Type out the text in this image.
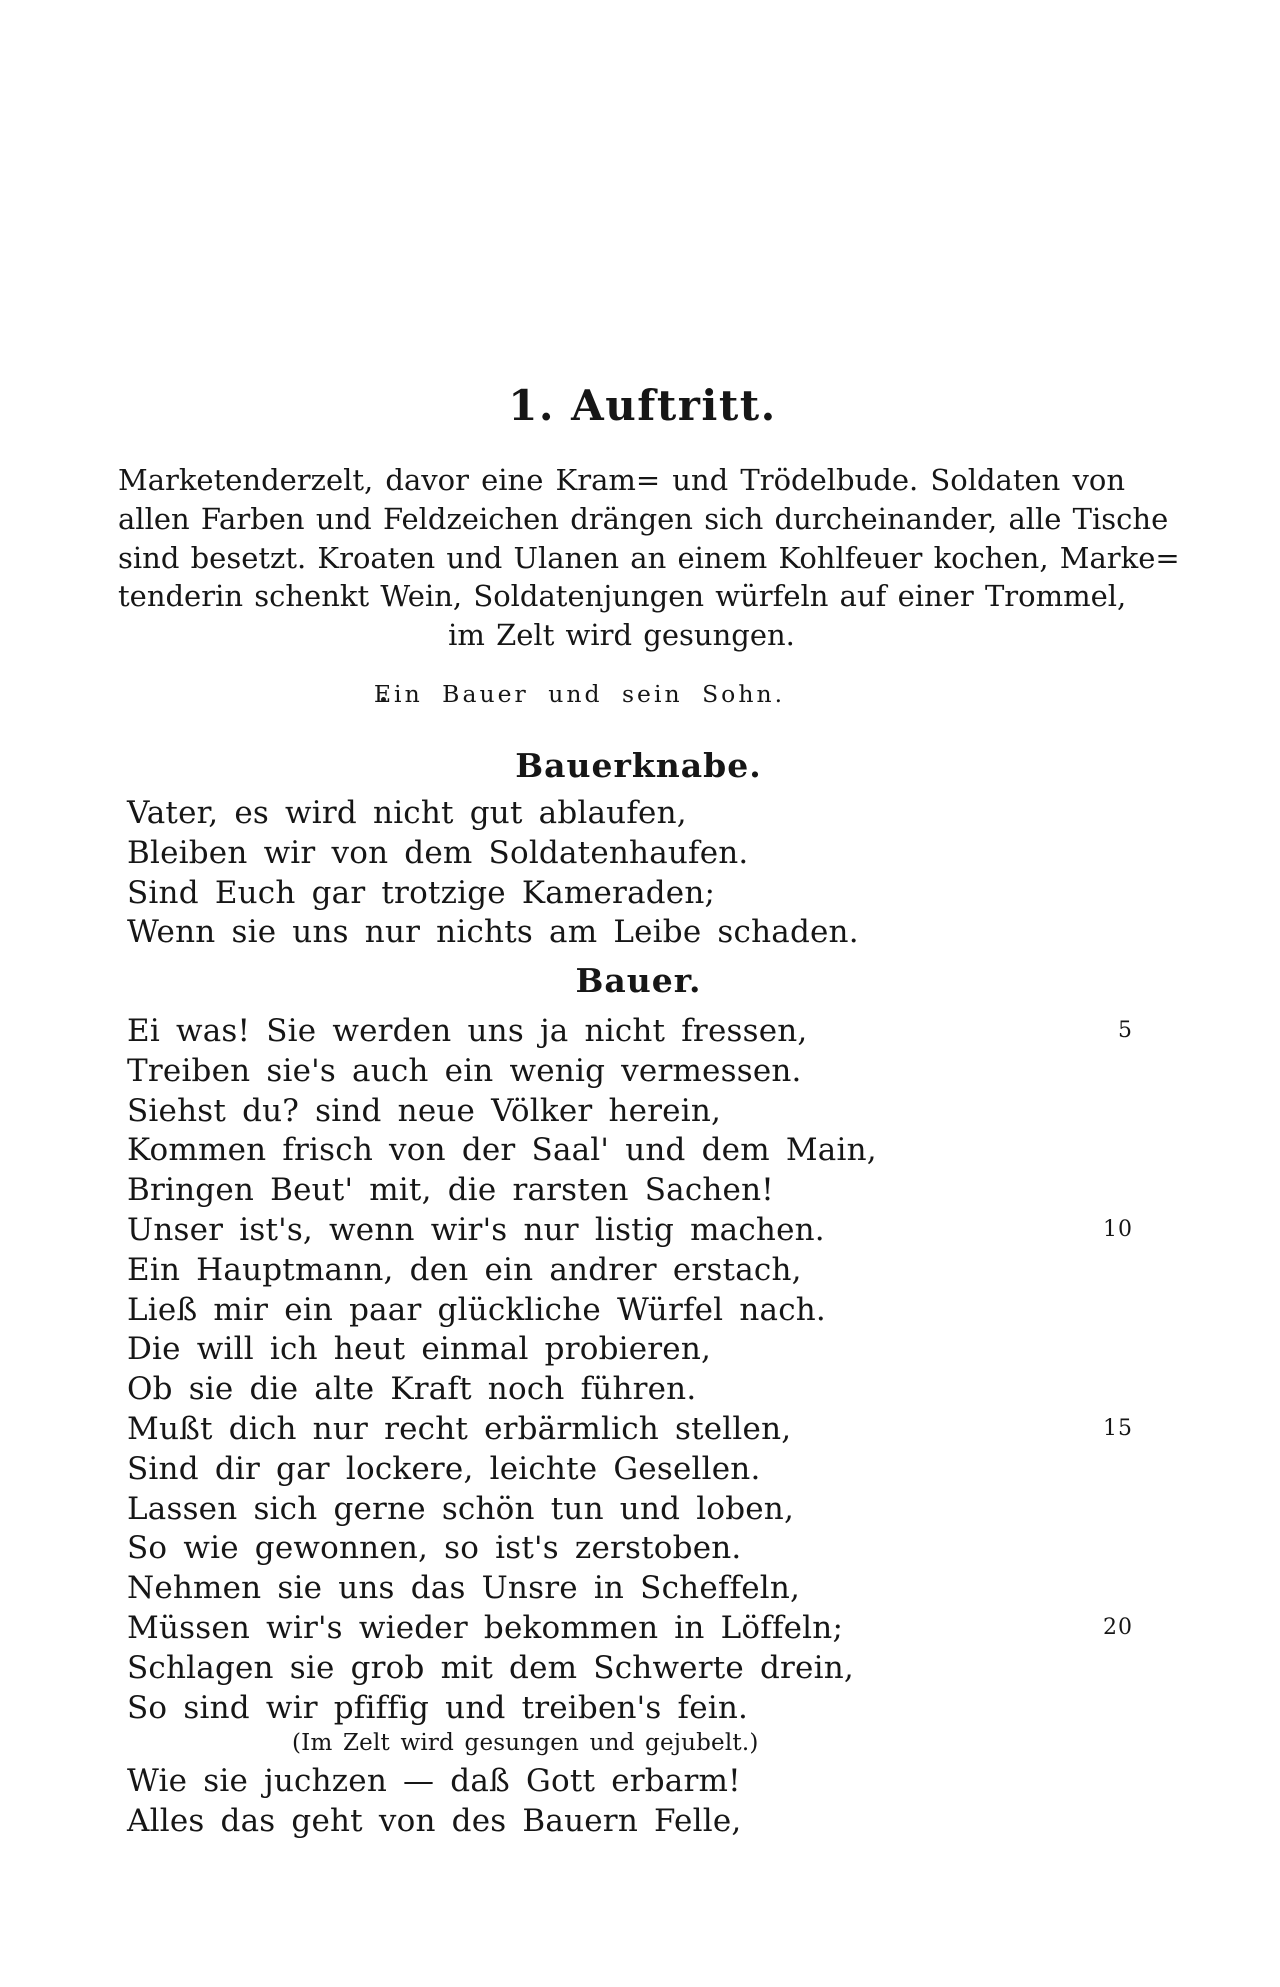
1. Auftritt.
Marketenderzelt, davor eine Kram= und Trödelbude. Soldaten von
allen Farben und Feldzeichen drängen sich durcheinander, alle Tische
sind besetzt. Kroaten und Ulanen an einem Kohlfeuer kochen, Marke=
tenderin schenkt Wein, Soldatenjungen würfeln auf einer Trommel,
im Zelt wird gesungen.
Ein Bauer und sein Sohn.
Bauerknabe.
Vater, es wird nicht gut ablaufen,
Bleiben wir von dem Soldatenhaufen.
Sind Euch gar trotzige Kameraden;
Wenn sie uns nur nichts am Leibe schaden.
Bauer.
Ei was! Sie werden uns ja nicht fressen,	5
Treiben sie's auch ein wenig vermessen.
Siehst du? sind neue Völker herein,
Kommen frisch von der Saal' und dem Main,
Bringen Beut' mit, die rarsten Sachen!
Unser ist's, wenn wir's nur listig machen.	10
Ein Hauptmann, den ein andrer erstach,
Ließ mir ein paar glückliche Würfel nach.
Die will ich heut einmal probieren,
Ob sie die alte Kraft noch führen.
Mußt dich nur recht erbärmlich stellen,	15
Sind dir gar lockere, leichte Gesellen.
Lassen sich gerne schön tun und loben,
So wie gewonnen, so ist's zerstoben.
Nehmen sie uns das Unsre in Scheffeln,
Müssen wir's wieder bekommen in Löffeln;	20
Schlagen sie grob mit dem Schwerte drein,
So sind wir pfiffig und treiben's fein.
(Im Zelt wird gesungen und gejubelt.)
Wie sie juchzen — daß Gott erbarm!
Alles das geht von des Bauern Felle,
